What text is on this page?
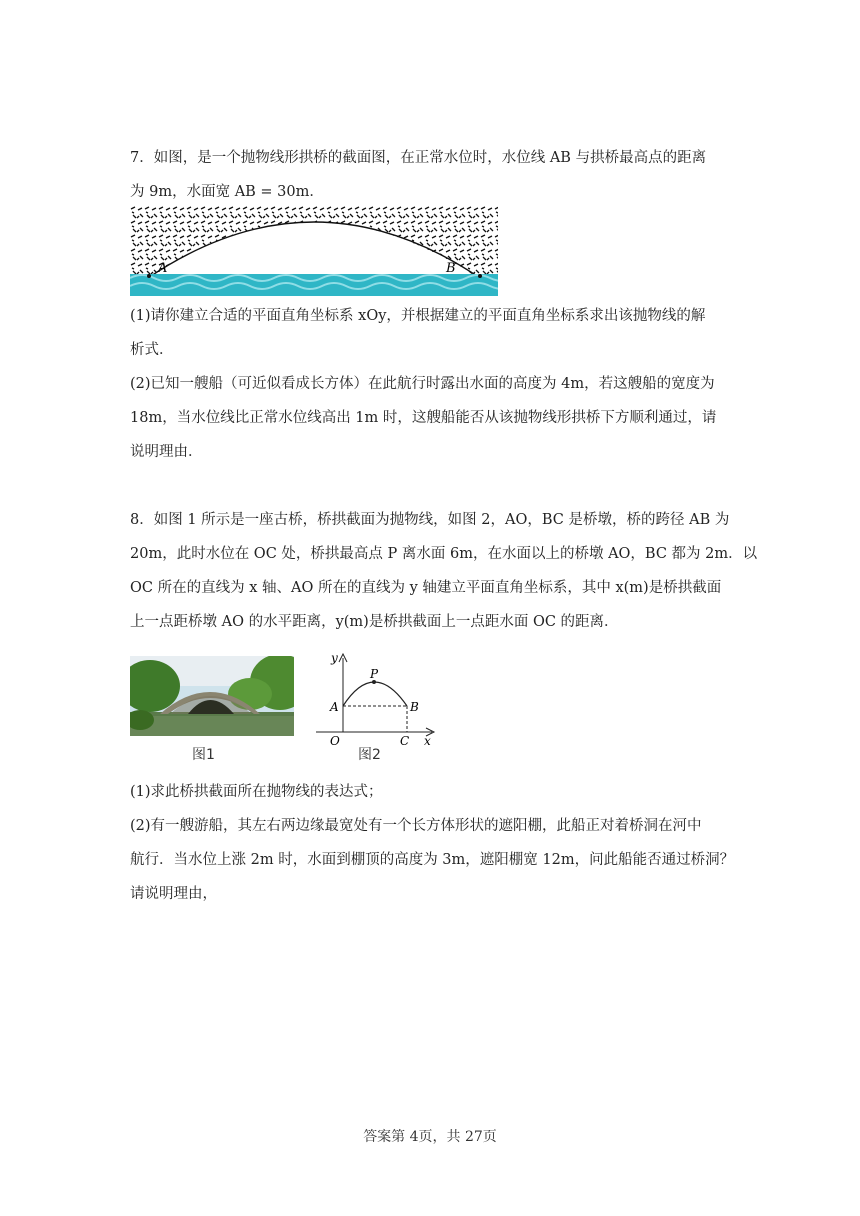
7．如图，是一个抛物线形拱桥的截面图，在正常水位时，水位线 AB 与拱桥最高点的距离
为 9m，水面宽 AB = 30m．
A	B
(1)请你建立合适的平面直角坐标系 xOy，并根据建立的平面直角坐标系求出该抛物线的解
析式．
(2)已知一艘船（可近似看成长方体）在此航行时露出水面的高度为 4m，若这艘船的宽度为
18m，当水位线比正常水位线高出 1m 时，这艘船能否从该抛物线形拱桥下方顺利通过，请
说明理由．
8．如图 1 所示是一座古桥，桥拱截面为抛物线，如图 2，AO，BC 是桥墩，桥的跨径 AB 为
20m，此时水位在 OC 处，桥拱最高点 P 离水面 6m，在水面以上的桥墩 AO，BC 都为 2m．以
OC 所在的直线为 x 轴、AO 所在的直线为 y 轴建立平面直角坐标系，其中 x(m)是桥拱截面
上一点距桥墩 AO 的水平距离，y(m)是桥拱截面上一点距水面 OC 的距离．
图1
y
P
A	B
O	C x
图2
(1)求此桥拱截面所在抛物线的表达式；
(2)有一艘游船，其左右两边缘最宽处有一个长方体形状的遮阳棚，此船正对着桥洞在河中
航行．当水位上涨 2m 时，水面到棚顶的高度为 3m，遮阳棚宽 12m，问此船能否通过桥洞？
请说明理由，
答案第 4页，共 27页
